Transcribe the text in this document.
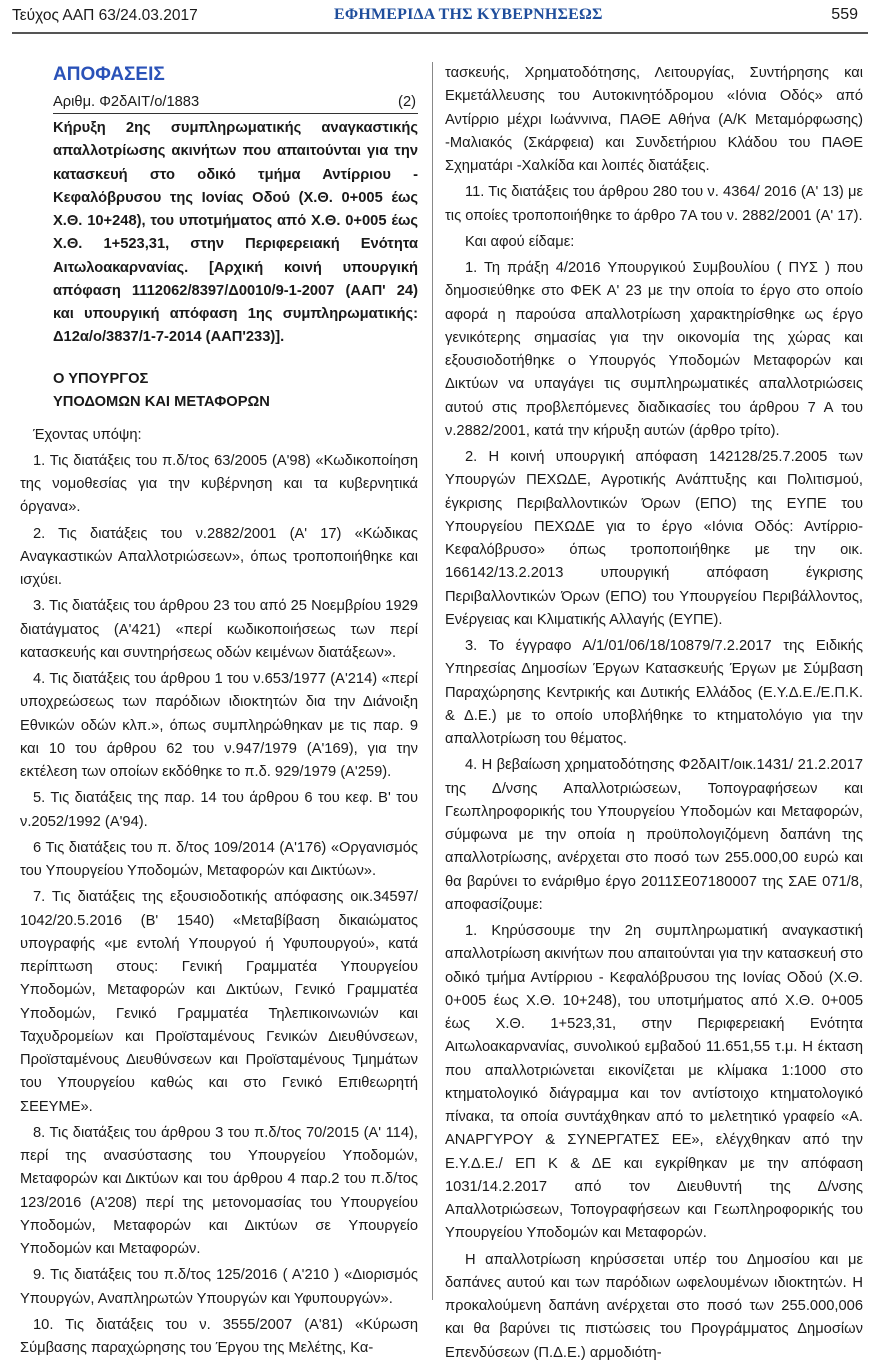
Τεύχος ΑΑΠ 63/24.03.2017	ΕΦΗΜΕΡΙΔΑ ΤΗΣ ΚΥΒΕΡΝΗΣΕΩΣ	559
ΑΠΟΦΑΣΕΙΣ
Αριθμ. Φ2δΑΙΤ/ο/1883	(2)
Κήρυξη 2ης συμπληρωματικής αναγκαστικής απαλλοτρίωσης ακινήτων που απαιτούνται για την κατασκευή στο οδικό τμήμα Αντίρριου - Κεφαλόβρυσου της Ιονίας Οδού (Χ.Θ. 0+005 έως Χ.Θ. 10+248), του υποτμήματος από Χ.Θ. 0+005 έως Χ.Θ. 1+523,31, στην Περιφερειακή Ενότητα Αιτωλοακαρνανίας. [Αρχική κοινή υπουργική απόφαση 1112062/8397/Δ0010/9-1-2007 (ΑΑΠ' 24) και υπουργική απόφαση 1ης συμπληρωματικής: Δ12α/ο/3837/1-7-2014 (ΑΑΠ'233)].
Ο ΥΠΟΥΡΓΟΣ
ΥΠΟΔΟΜΩΝ ΚΑΙ ΜΕΤΑΦΟΡΩΝ
Έχοντας υπόψη:
1. Τις διατάξεις του π.δ/τος 63/2005 (Α'98) «Κωδικοποίηση της νομοθεσίας για την κυβέρνηση και τα κυβερνητικά όργανα».
2. Τις διατάξεις του ν.2882/2001 (Α' 17) «Κώδικας Αναγκαστικών Απαλλοτριώσεων», όπως τροποποιήθηκε και ισχύει.
3. Τις διατάξεις του άρθρου 23 του από 25 Νοεμβρίου 1929 διατάγματος (Α'421) «περί κωδικοποιήσεως των περί κατασκευής και συντηρήσεως οδών κειμένων διατάξεων».
4. Τις διατάξεις του άρθρου 1 του ν.653/1977 (Α'214) «περί υποχρεώσεως των παρόδιων ιδιοκτητών δια την Διάνοιξη Εθνικών οδών κλπ.», όπως συμπληρώθηκαν με τις παρ. 9 και 10 του άρθρου 62 του ν.947/1979 (Α'169), για την εκτέλεση των οποίων εκδόθηκε το π.δ. 929/1979 (Α'259).
5. Τις διατάξεις της παρ. 14 του άρθρου 6 του κεφ. Β' του ν.2052/1992 (Α'94).
6 Τις διατάξεις του π. δ/τος 109/2014 (Α'176) «Οργανισμός του Υπουργείου Υποδομών, Μεταφορών και Δικτύων».
7. Τις διατάξεις της εξουσιοδοτικής απόφασης οικ.34597/ 1042/20.5.2016 (Β' 1540) «Μεταβίβαση δικαιώματος υπογραφής «με εντολή Υπουργού ή Υφυπουργού», κατά περίπτωση στους: Γενική Γραμματέα Υπουργείου Υποδομών, Μεταφορών και Δικτύων, Γενικό Γραμματέα Υποδομών, Γενικό Γραμματέα Τηλεπικοινωνιών και Ταχυδρομείων και Προϊσταμένους Γενικών Διευθύνσεων, Προϊσταμένους Διευθύνσεων και Προϊσταμένους Τμημάτων του Υπουργείου καθώς και στο Γενικό Επιθεωρητή ΣΕΕΥΜΕ».
8. Τις διατάξεις του άρθρου 3 του π.δ/τος 70/2015 (Α' 114), περί της ανασύστασης του Υπουργείου Υποδομών, Μεταφορών και Δικτύων και του άρθρου 4 παρ.2 του π.δ/τος 123/2016 (Α'208) περί της μετονομασίας του Υπουργείου Υποδομών, Μεταφορών και Δικτύων σε Υπουργείο Υποδομών και Μεταφορών.
9. Τις διατάξεις του π.δ/τος 125/2016 ( Α'210 ) «Διορισμός Υπουργών, Αναπληρωτών Υπουργών και Υφυπουργών».
10. Τις διατάξεις του ν. 3555/2007 (Α'81) «Κύρωση Σύμβασης παραχώρησης του Έργου της Μελέτης, Κα-
τασκευής, Χρηματοδότησης, Λειτουργίας, Συντήρησης και Εκμετάλλευσης του Αυτοκινητόδρομου «Ιόνια Οδός» από Αντίρριο μέχρι Ιωάννινα, ΠΑΘΕ Αθήνα (Α/Κ Μεταμόρφωσης) -Μαλιακός (Σκάρφεια) και Συνδετήριου Κλάδου του ΠΑΘΕ Σχηματάρι -Χαλκίδα και λοιπές διατάξεις.
11. Τις διατάξεις του άρθρου 280 του ν. 4364/ 2016 (Α' 13) με τις οποίες τροποποιήθηκε το άρθρο 7Α του ν. 2882/2001 (Α' 17).
Και αφού είδαμε:
1. Τη πράξη 4/2016 Υπουργικού Συμβουλίου ( ΠΥΣ ) που δημοσιεύθηκε στο ΦΕΚ Α' 23 με την οποία το έργο στο οποίο αφορά η παρούσα απαλλοτρίωση χαρακτηρίσθηκε ως έργο γενικότερης σημασίας για την οικονομία της χώρας και εξουσιοδοτήθηκε ο Υπουργός Υποδομών Μεταφορών και Δικτύων να υπαγάγει τις συμπληρωματικές απαλλοτριώσεις αυτού στις προβλεπόμενες διαδικασίες του άρθρου 7 Α του ν.2882/2001, κατά την κήρυξη αυτών (άρθρο τρίτο).
2. Η κοινή υπουργική απόφαση 142128/25.7.2005 των Υπουργών ΠΕΧΩΔΕ, Αγροτικής Ανάπτυξης και Πολιτισμού, έγκρισης Περιβαλλοντικών Όρων (ΕΠΟ) της ΕΥΠΕ του Υπουργείου ΠΕΧΩΔΕ για το έργο «Ιόνια Οδός: Αντίρριο-Κεφαλόβρυσο» όπως τροποποιήθηκε με την οικ. 166142/13.2.2013 υπουργική απόφαση έγκρισης Περιβαλλοντικών Όρων (ΕΠΟ) του Υπουργείου Περιβάλλοντος, Ενέργειας και Κλιματικής Αλλαγής (ΕΥΠΕ).
3. Το έγγραφο Α/1/01/06/18/10879/7.2.2017 της Ειδικής Υπηρεσίας Δημοσίων Έργων Κατασκευής Έργων με Σύμβαση Παραχώρησης Κεντρικής και Δυτικής Ελλάδος (Ε.Υ.Δ.Ε./Ε.Π.Κ. & Δ.Ε.) με το οποίο υποβλήθηκε το κτηματολόγιο για την απαλλοτρίωση του θέματος.
4. Η βεβαίωση χρηματοδότησης Φ2δΑΙΤ/οικ.1431/ 21.2.2017 της Δ/νσης Απαλλοτριώσεων, Τοπογραφήσεων και Γεωπληροφορικής του Υπουργείου Υποδομών και Μεταφορών, σύμφωνα με την οποία η προϋπολογιζόμενη δαπάνη της απαλλοτρίωσης, ανέρχεται στο ποσό των 255.000,00 ευρώ και θα βαρύνει το ενάριθμο έργο 2011ΣΕ07180007 της ΣΑΕ 071/8, αποφασίζουμε:
1. Κηρύσσουμε την 2η συμπληρωματική αναγκαστική απαλλοτρίωση ακινήτων που απαιτούνται για την κατασκευή στο οδικό τμήμα Αντίρριου - Κεφαλόβρυσου της Ιονίας Οδού (Χ.Θ. 0+005 έως Χ.Θ. 10+248), του υποτμήματος από Χ.Θ. 0+005 έως Χ.Θ. 1+523,31, στην Περιφερειακή Ενότητα Αιτωλοακαρνανίας, συνολικού εμβαδού 11.651,55 τ.μ. Η έκταση που απαλλοτριώνεται εικονίζεται με κλίμακα 1:1000 στο κτηματολογικό διάγραμμα και τον αντίστοιχο κτηματολογικό πίνακα, τα οποία συντάχθηκαν από το μελετητικό γραφείο «Α. ΑΝΑΡΓΥΡΟΥ & ΣΥΝΕΡΓΑΤΕΣ ΕΕ», ελέγχθηκαν από την Ε.Υ.Δ.Ε./ ΕΠ Κ & ΔΕ και εγκρίθηκαν με την απόφαση 1031/14.2.2017 από τον Διευθυντή της Δ/νσης Απαλλοτριώσεων, Τοπογραφήσεων και Γεωπληροφορικής του Υπουργείου Υποδομών και Μεταφορών.
Η απαλλοτρίωση κηρύσσεται υπέρ του Δημοσίου και με δαπάνες αυτού και των παρόδιων ωφελουμένων ιδιοκτητών. Η προκαλούμενη δαπάνη ανέρχεται στο ποσό των 255.000,006 και θα βαρύνει τις πιστώσεις του Προγράμματος Δημοσίων Επενδύσεων (Π.Δ.Ε.) αρμοδιότη-
